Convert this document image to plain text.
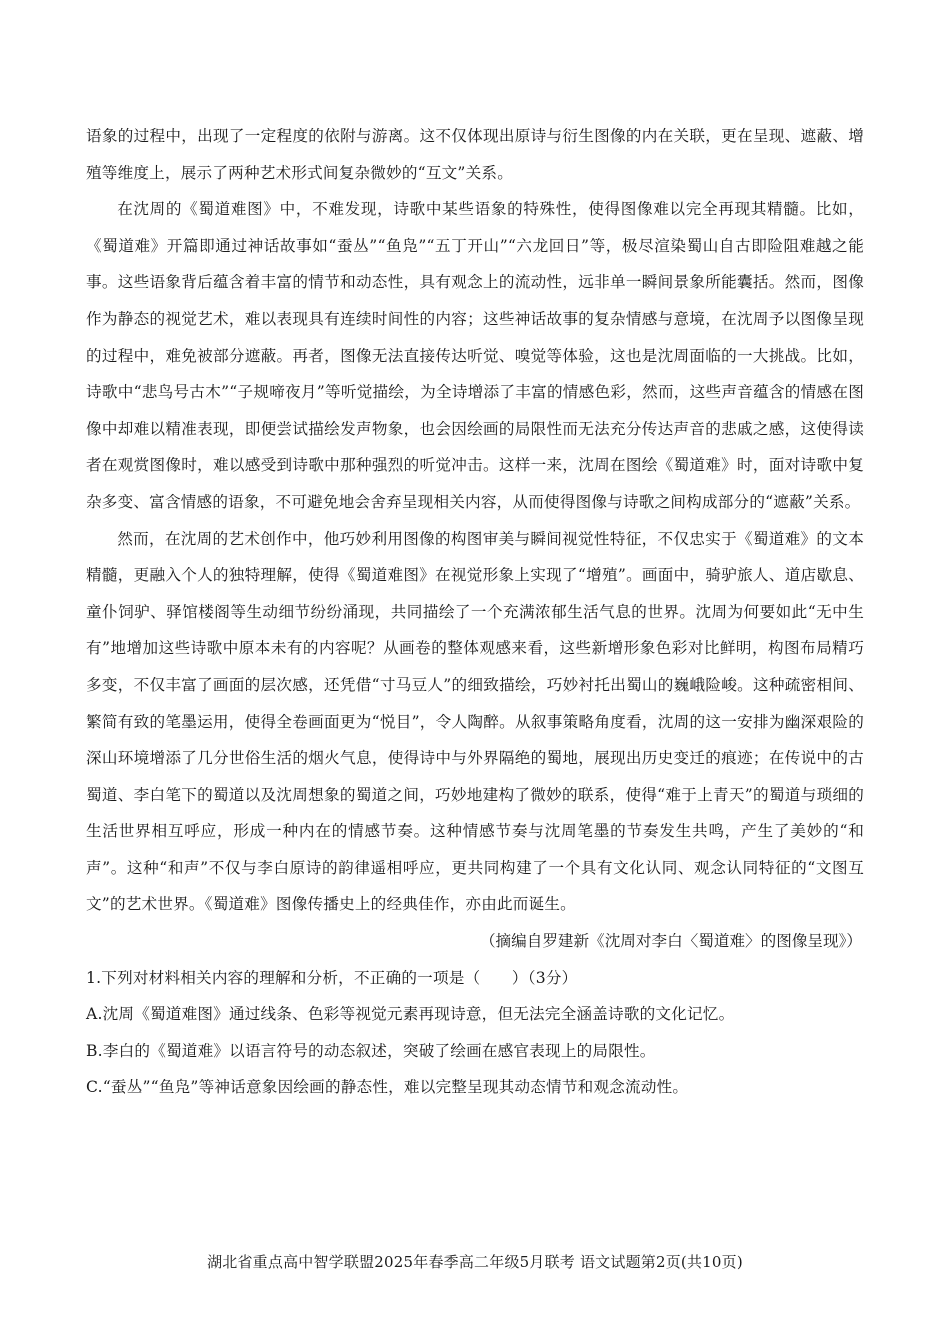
语象的过程中，出现了一定程度的依附与游离。这不仅体现出原诗与衍生图像的内在关联，更在呈现、遮蔽、增殖等维度上，展示了两种艺术形式间复杂微妙的“互文”关系。

在沈周的《蜀道难图》中，不难发现，诗歌中某些语象的特殊性，使得图像难以完全再现其精髓。比如，《蜀道难》开篇即通过神话故事如“蚕丛”“鱼凫”“五丁开山”“六龙回日”等，极尽渲染蜀山自古即险阻难越之能事。这些语象背后蕴含着丰富的情节和动态性，具有观念上的流动性，远非单一瞬间景象所能囊括。然而，图像作为静态的视觉艺术，难以表现具有连续时间性的内容；这些神话故事的复杂情感与意境，在沈周予以图像呈现的过程中，难免被部分遮蔽。再者，图像无法直接传达听觉、嗅觉等体验，这也是沈周面临的一大挑战。比如，诗歌中“悲鸟号古木”“子规啼夜月”等听觉描绘，为全诗增添了丰富的情感色彩，然而，这些声音蕴含的情感在图像中却难以精准表现，即便尝试描绘发声物象，也会因绘画的局限性而无法充分传达声音的悲戚之感，这使得读者在观赏图像时，难以感受到诗歌中那种强烈的听觉冲击。这样一来，沈周在图绘《蜀道难》时，面对诗歌中复杂多变、富含情感的语象，不可避免地会舍弃呈现相关内容，从而使得图像与诗歌之间构成部分的“遮蔽”关系。

然而，在沈周的艺术创作中，他巧妙利用图像的构图审美与瞬间视觉性特征，不仅忠实于《蜀道难》的文本精髓，更融入个人的独特理解，使得《蜀道难图》在视觉形象上实现了“增殖”。画面中，骑驴旅人、道店歇息、童仆饲驴、驿馆楼阁等生动细节纷纷涌现，共同描绘了一个充满浓郁生活气息的世界。沈周为何要如此“无中生有”地增加这些诗歌中原本未有的内容呢？从画卷的整体观感来看，这些新增形象色彩对比鲜明，构图布局精巧多变，不仅丰富了画面的层次感，还凭借“寸马豆人”的细致描绘，巧妙衬托出蜀山的巍峨险峻。这种疏密相间、繁简有致的笔墨运用，使得全卷画面更为“悦目”，令人陶醉。从叙事策略角度看，沈周的这一安排为幽深艰险的深山环境增添了几分世俗生活的烟火气息，使得诗中与外界隔绝的蜀地，展现出历史变迁的痕迹；在传说中的古蜀道、李白笔下的蜀道以及沈周想象的蜀道之间，巧妙地建构了微妙的联系，使得“难于上青天”的蜀道与琐细的生活世界相互呼应，形成一种内在的情感节奏。这种情感节奏与沈周笔墨的节奏发生共鸣，产生了美妙的“和声”。这种“和声”不仅与李白原诗的韵律遥相呼应，更共同构建了一个具有文化认同、观念认同特征的“文图互文”的艺术世界。《蜀道难》图像传播史上的经典佳作，亦由此而诞生。

（摘编自罗建新《沈周对李白〈蜀道难〉的图像呈现》）

1.下列对材料相关内容的理解和分析，不正确的一项是（　　）（3分）

A.沈周《蜀道难图》通过线条、色彩等视觉元素再现诗意，但无法完全涵盖诗歌的文化记忆。

B.李白的《蜀道难》以语言符号的动态叙述，突破了绘画在感官表现上的局限性。

C.“蚕丛”“鱼凫”等神话意象因绘画的静态性，难以完整呈现其动态情节和观念流动性。

湖北省重点高中智学联盟2025年春季高二年级5月联考 语文试题第2页(共10页)
